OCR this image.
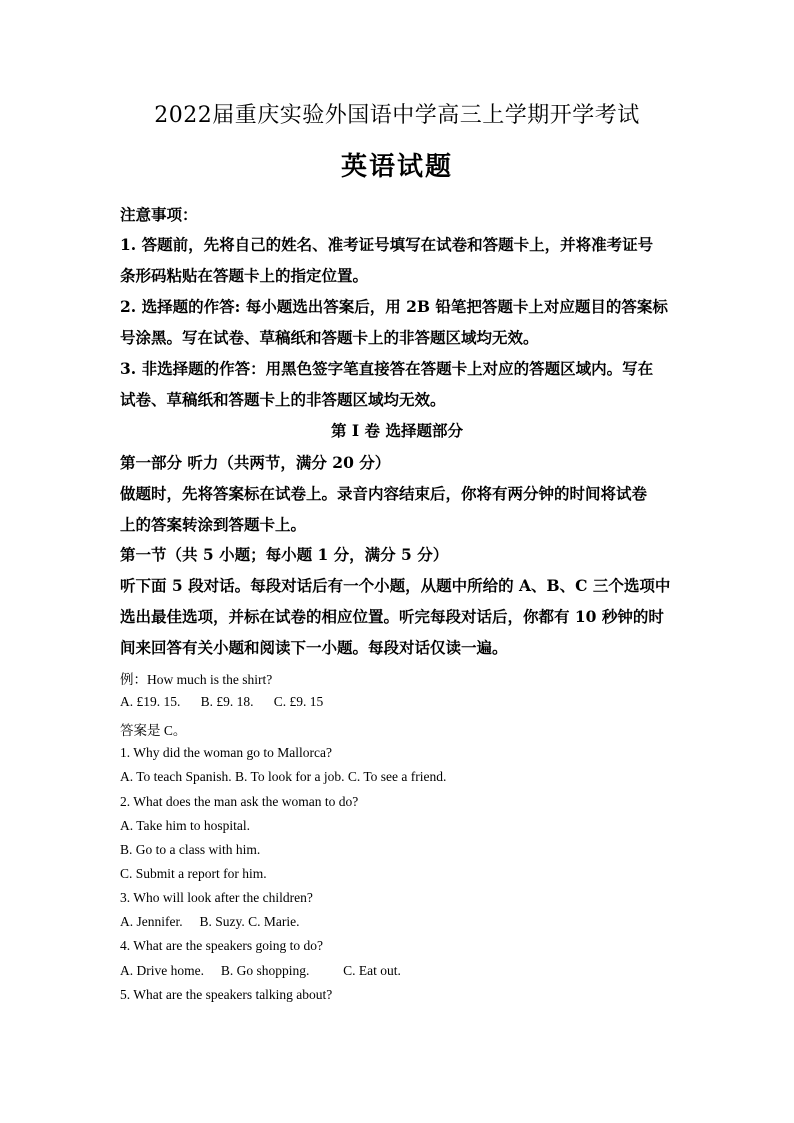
2022届重庆实验外国语中学高三上学期开学考试
英语试题
注意事项：
1. 答题前，先将自己的姓名、准考证号填写在试卷和答题卡上，并将准考证号
条形码粘贴在答题卡上的指定位置。
2. 选择题的作答: 每小题选出答案后，用 2B 铅笔把答题卡上对应题目的答案标
号涂黑。写在试卷、草稿纸和答题卡上的非答题区域均无效。
3. 非选择题的作答：用黑色签字笔直接答在答题卡上对应的答题区域内。写在
试卷、草稿纸和答题卡上的非答题区域均无效。
第 I 卷 选择题部分
第一部分 听力（共两节，满分 20 分）
做题时，先将答案标在试卷上。录音内容结束后，你将有两分钟的时间将试卷
上的答案转涂到答题卡上。
第一节（共 5 小题；每小题 1 分，满分 5 分）
听下面 5 段对话。每段对话后有一个小题，从题中所给的 A、B、C 三个选项中
选出最佳选项，并标在试卷的相应位置。听完每段对话后，你都有 10 秒钟的时
间来回答有关小题和阅读下一小题。每段对话仅读一遍。
例：How much is the shirt?
A. £19. 15.      B. £9. 18.      C. £9. 15
答案是 C。
1. Why did the woman go to Mallorca?
A. To teach Spanish. B. To look for a job. C. To see a friend.
2. What does the man ask the woman to do?
A. Take him to hospital.
B. Go to a class with him.
C. Submit a report for him.
3. Who will look after the children?
A. Jennifer.     B. Suzy. C. Marie.
4. What are the speakers going to do?
A. Drive home.     B. Go shopping.          C. Eat out.
5. What are the speakers talking about?
